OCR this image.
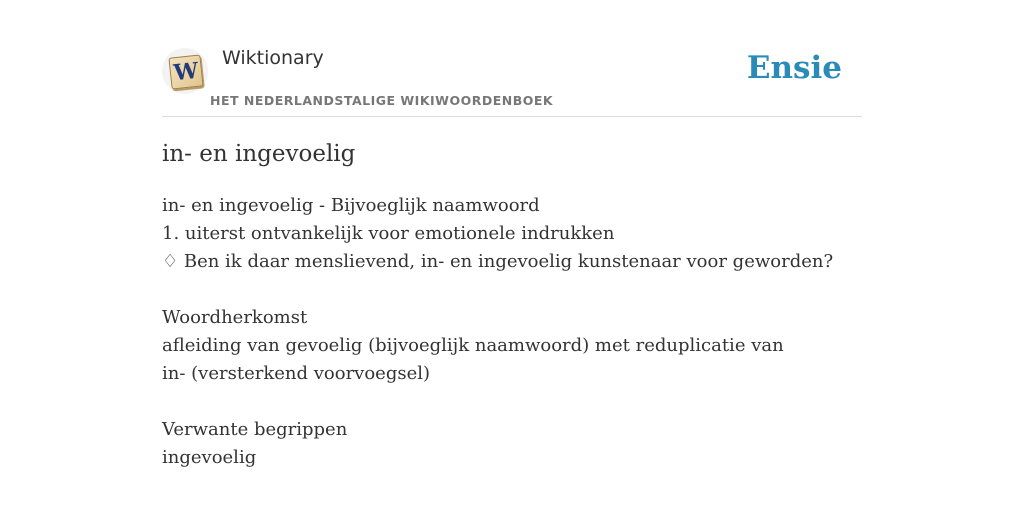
W Wiktionary
HET NEDERLANDSTALIGE WIKIWOORDENBOEK
Ensie
in- en ingevoelig
in- en ingevoelig - Bijvoeglijk naamwoord
1. uiterst ontvankelijk voor emotionele indrukken
♢ Ben ik daar menslievend, in- en ingevoelig kunstenaar voor geworden?
Woordherkomst
afleiding van gevoelig (bijvoeglijk naamwoord) met reduplicatie van in- (versterkend voorvoegsel)
Verwante begrippen
ingevoelig
